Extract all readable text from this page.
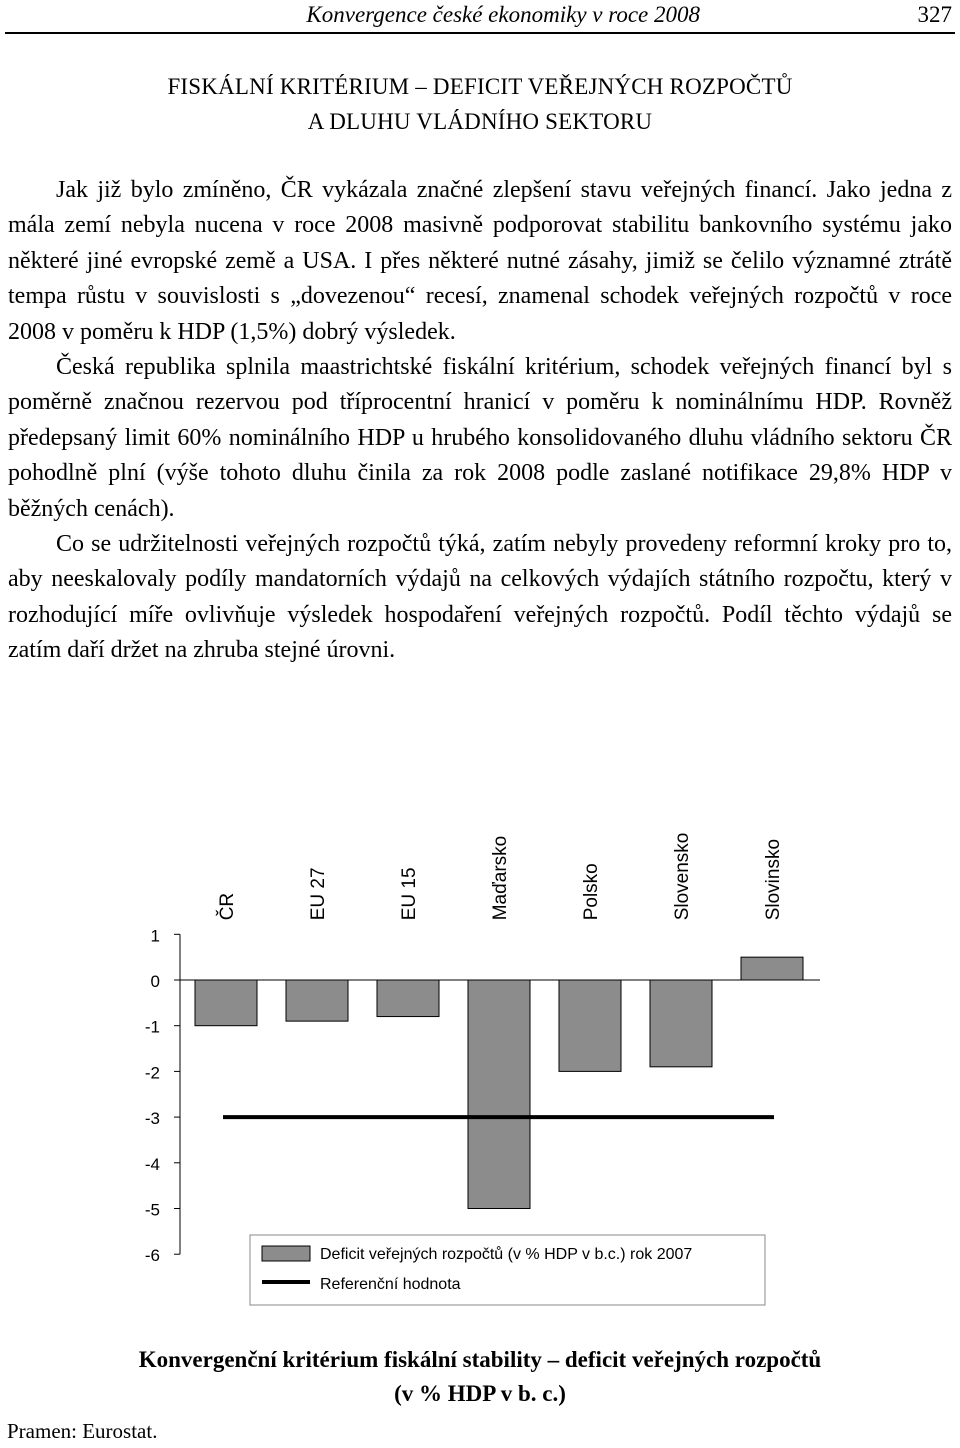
Konvergence české ekonomiky v roce 2008	327
FISKÁLNÍ KRITÉRIUM – DEFICIT VEŘEJNÝCH ROZPOČTŮ
A DLUHU VLÁDNÍHO SEKTORU

Jak již bylo zmíněno, ČR vykázala značné zlepšení stavu veřejných financí. Jako jedna z mála zemí nebyla nucena v roce 2008 masivně podporovat stabilitu bankovního systému jako některé jiné evropské země a USA. I přes některé nutné zásahy, jimiž se čelilo významné ztrátě tempa růstu v souvislosti s „dovezenou“ recesí, znamenal schodek veřejných rozpočtů v roce 2008 v poměru k HDP (1,5%) dobrý výsledek.

Česká republika splnila maastrichtské fiskální kritérium, schodek veřejných financí byl s poměrně značnou rezervou pod tříprocentní hranicí v poměru k nominálnímu HDP. Rovněž předepsaný limit 60% nominálního HDP u hrubého konsolidovaného dluhu vládního sektoru ČR pohodlně plní (výše tohoto dluhu činila za rok 2008 podle zaslané notifikace 29,8% HDP v běžných cenách).

Co se udržitelnosti veřejných rozpočtů týká, zatím nebyly provedeny reformní kroky pro to, aby neeskalovaly podíly mandatorních výdajů na celkových výdajích státního rozpočtu, který v rozhodující míře ovlivňuje výsledek hospodaření veřejných rozpočtů. Podíl těchto výdajů se zatím daří držet na zhruba stejné úrovni.

1
0
-1
-2
-3
-4
-5
-6
ČR	EU 27	EU 15	Maďarsko	Polsko	Slovensko	Slovinsko
Deficit veřejných rozpočtů (v % HDP v b.c.) rok 2007
Referenční hodnota
Konvergenční kritérium fiskální stability – deficit veřejných rozpočtů
(v % HDP v b. c.)
Pramen: Eurostat.
